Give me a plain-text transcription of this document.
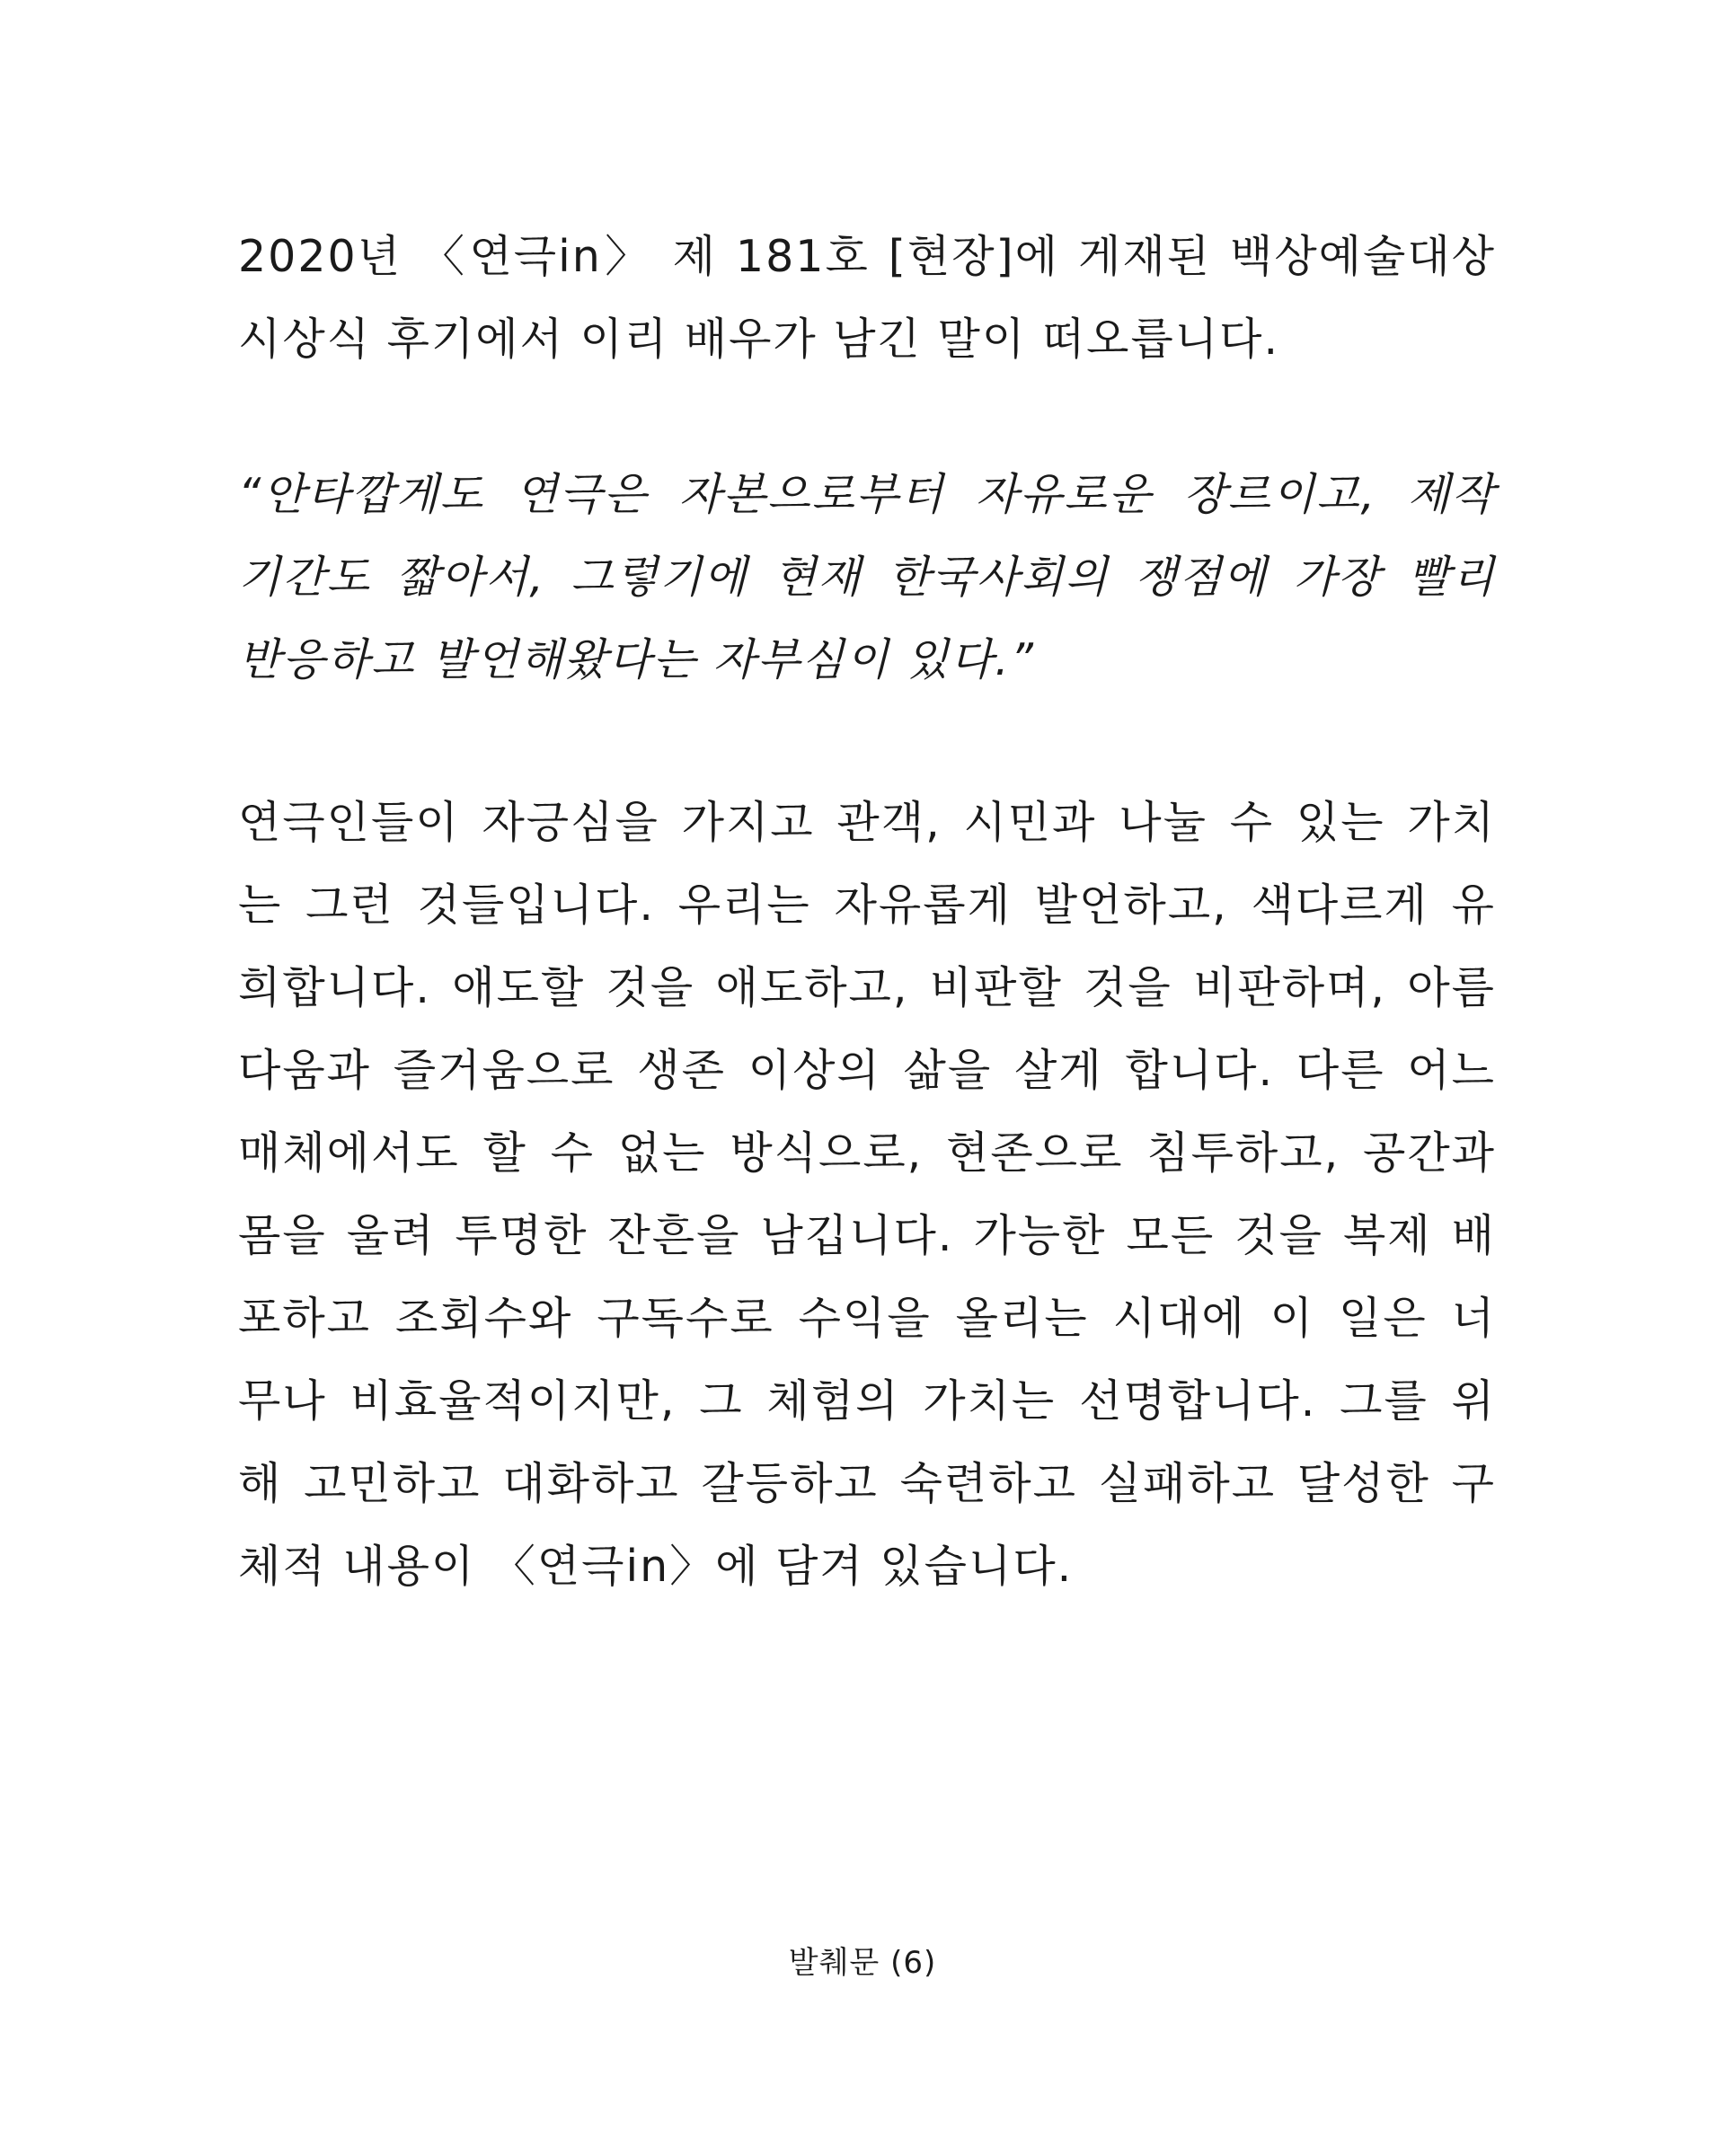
2020년 〈연극in〉 제 181호 [현장]에 게재된 백상예술대상
시상식 후기에서 이리 배우가 남긴 말이 떠오릅니다.
“안타깝게도 연극은 자본으로부터 자유로운 장르이고, 제작
기간도 짧아서, 그렇기에 현재 한국사회의 쟁점에 가장 빨리
반응하고 발언해왔다는 자부심이 있다.”
연극인들이 자긍심을 가지고 관객, 시민과 나눌 수 있는 가치
는 그런 것들입니다. 우리는 자유롭게 발언하고, 색다르게 유
희합니다. 애도할 것을 애도하고, 비판할 것을 비판하며, 아름
다움과 즐거움으로 생존 이상의 삶을 살게 합니다. 다른 어느
매체에서도 할 수 없는 방식으로, 현존으로 침투하고, 공간과
몸을 울려 투명한 잔흔을 남깁니다. 가능한 모든 것을 복제 배
포하고 조회수와 구독수로 수익을 올리는 시대에 이 일은 너
무나 비효율적이지만, 그 체험의 가치는 선명합니다. 그를 위
해 고민하고 대화하고 갈등하고 숙련하고 실패하고 달성한 구
체적 내용이 〈연극in〉에 담겨 있습니다.
발췌문 (6)
